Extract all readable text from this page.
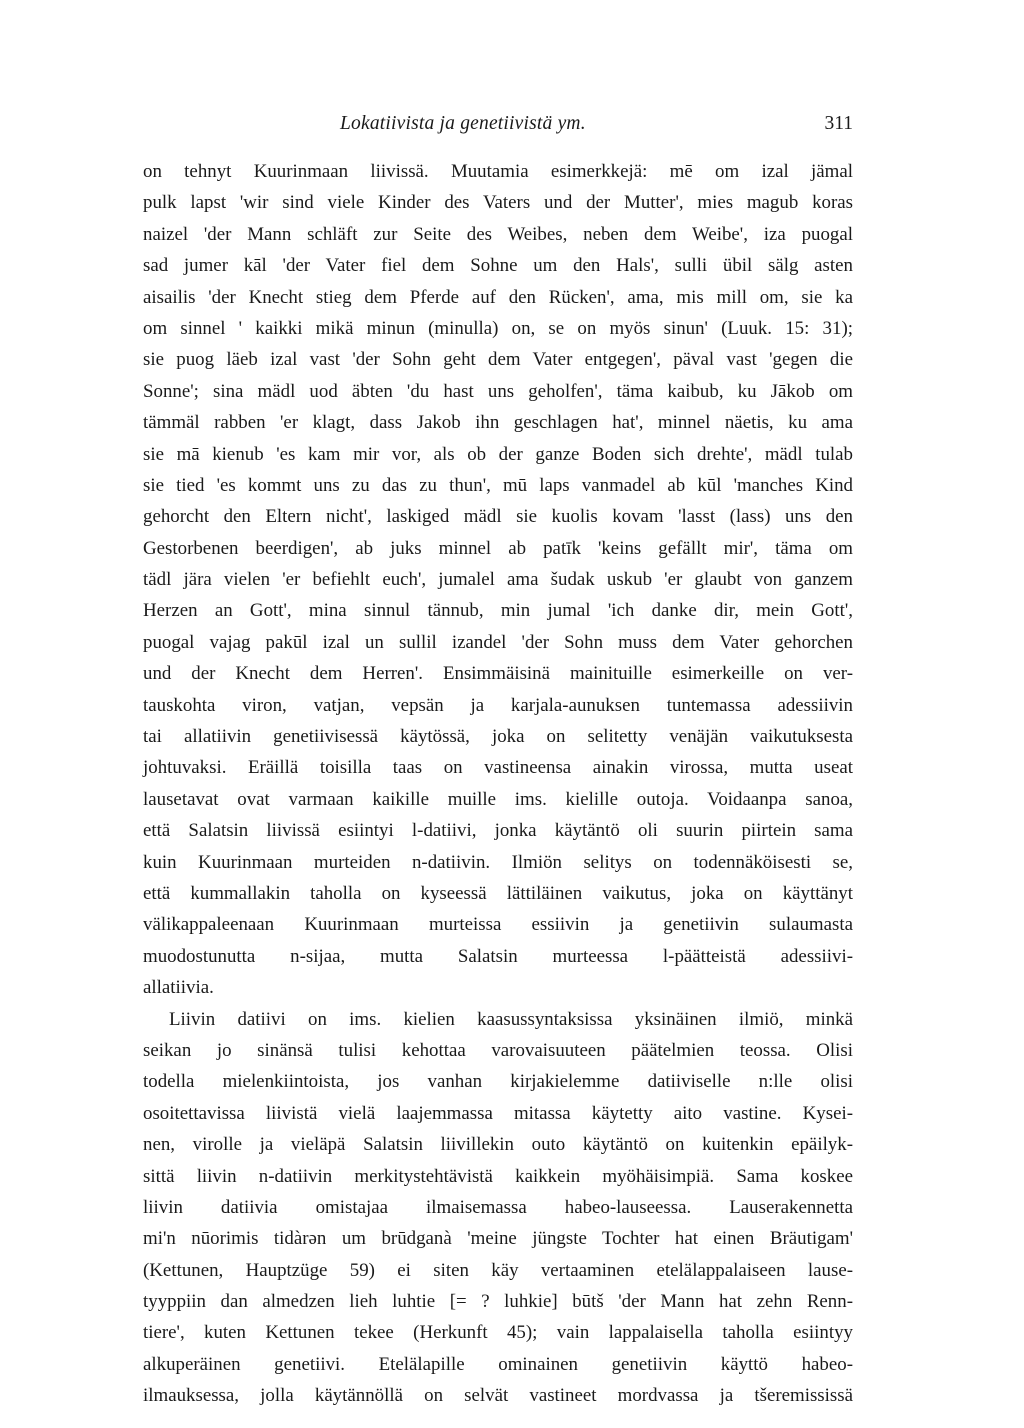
Lokatiivista ja genetiivistä ym.	311
on tehnyt Kuurinmaan liivissä. Muutamia esimerkkejä: mē om izal jämal
pulk lapst 'wir sind viele Kinder des Vaters und der Mutter', mies magub koras
naizel 'der Mann schläft zur Seite des Weibes, neben dem Weibe', iza puogal
sad jumer kāl 'der Vater fiel dem Sohne um den Hals', sulli übil sälg asten
aisailis 'der Knecht stieg dem Pferde auf den Rücken', ama, mis mill om, sie ka
om sinnel ' kaikki mikä minun (minulla) on, se on myös sinun' (Luuk. 15: 31);
sie puog läeb izal vast 'der Sohn geht dem Vater entgegen', päval vast 'gegen die
Sonne'; sina mädl uod äbten 'du hast uns geholfen', täma kaibub, ku Jākob om
tämmäl rabben 'er klagt, dass Jakob ihn geschlagen hat', minnel näetis, ku ama
sie mā kienub 'es kam mir vor, als ob der ganze Boden sich drehte', mädl tulab
sie tied 'es kommt uns zu das zu thun', mū laps vanmadel ab kūl 'manches Kind
gehorcht den Eltern nicht', laskiged mädl sie kuolis kovam 'lasst (lass) uns den
Gestorbenen beerdigen', ab juks minnel ab patīk 'keins gefällt mir', täma om
tädl jära vielen 'er befiehlt euch', jumalel ama šudak uskub 'er glaubt von ganzem
Herzen an Gott', mina sinnul tännub, min jumal 'ich danke dir, mein Gott',
puogal vajag pakūl izal un sullil izandel 'der Sohn muss dem Vater gehorchen
und der Knecht dem Herren'. Ensimmäisinä mainituille esimerkeille on ver-
tauskohta viron, vatjan, vepsän ja karjala-aunuksen tuntemassa adessiivin
tai allatiivin genetiivisessä käytössä, joka on selitetty venäjän vaikutuksesta
johtuvaksi. Eräillä toisilla taas on vastineensa ainakin virossa, mutta useat
lausetavat ovat varmaan kaikille muille ims. kielille outoja. Voidaanpa sanoa,
että Salatsin liivissä esiintyi l-datiivi, jonka käytäntö oli suurin piirtein sama
kuin Kuurinmaan murteiden n-datiivin. Ilmiön selitys on todennäköisesti se,
että kummallakin taholla on kyseessä lättiläinen vaikutus, joka on käyttänyt
välikappaleenaan Kuurinmaan murteissa essiivin ja genetiivin sulaumasta
muodostunutta n-sijaa, mutta Salatsin murteessa l-päätteistä adessiivi-
allatiivia.
Liivin datiivi on ims. kielien kaasussyntaksissa yksinäinen ilmiö, minkä
seikan jo sinänsä tulisi kehottaa varovaisuuteen päätelmien teossa. Olisi
todella mielenkiintoista, jos vanhan kirjakielemme datiiviselle n:lle olisi
osoitettavissa liivistä vielä laajemmassa mitassa käytetty aito vastine. Kysei-
nen, virolle ja vieläpä Salatsin liivillekin outo käytäntö on kuitenkin epäilyk-
sittä liivin n-datiivin merkitystehtävistä kaikkein myöhäisimpiä. Sama koskee
liivin datiivia omistajaa ilmaisemassa habeo-lauseessa. Lauserakennetta
mi'n nūorimis tidàrən um brūdganà 'meine jüngste Tochter hat einen Bräutigam'
(Kettunen, Hauptzüge 59) ei siten käy vertaaminen etelälappalaiseen lause-
tyyppiin dan almeǳen lieh luhtie [= ? luhkie] būtš 'der Mann hat zehn Renn-
tiere', kuten Kettunen tekee (Herkunft 45); vain lappalaisella taholla esiintyy
alkuperäinen genetiivi. Etelälapille ominainen genetiivin käyttö habeo-
ilmauksessa, jolla käytännöllä on selvät vastineet mordvassa ja tšeremississä
